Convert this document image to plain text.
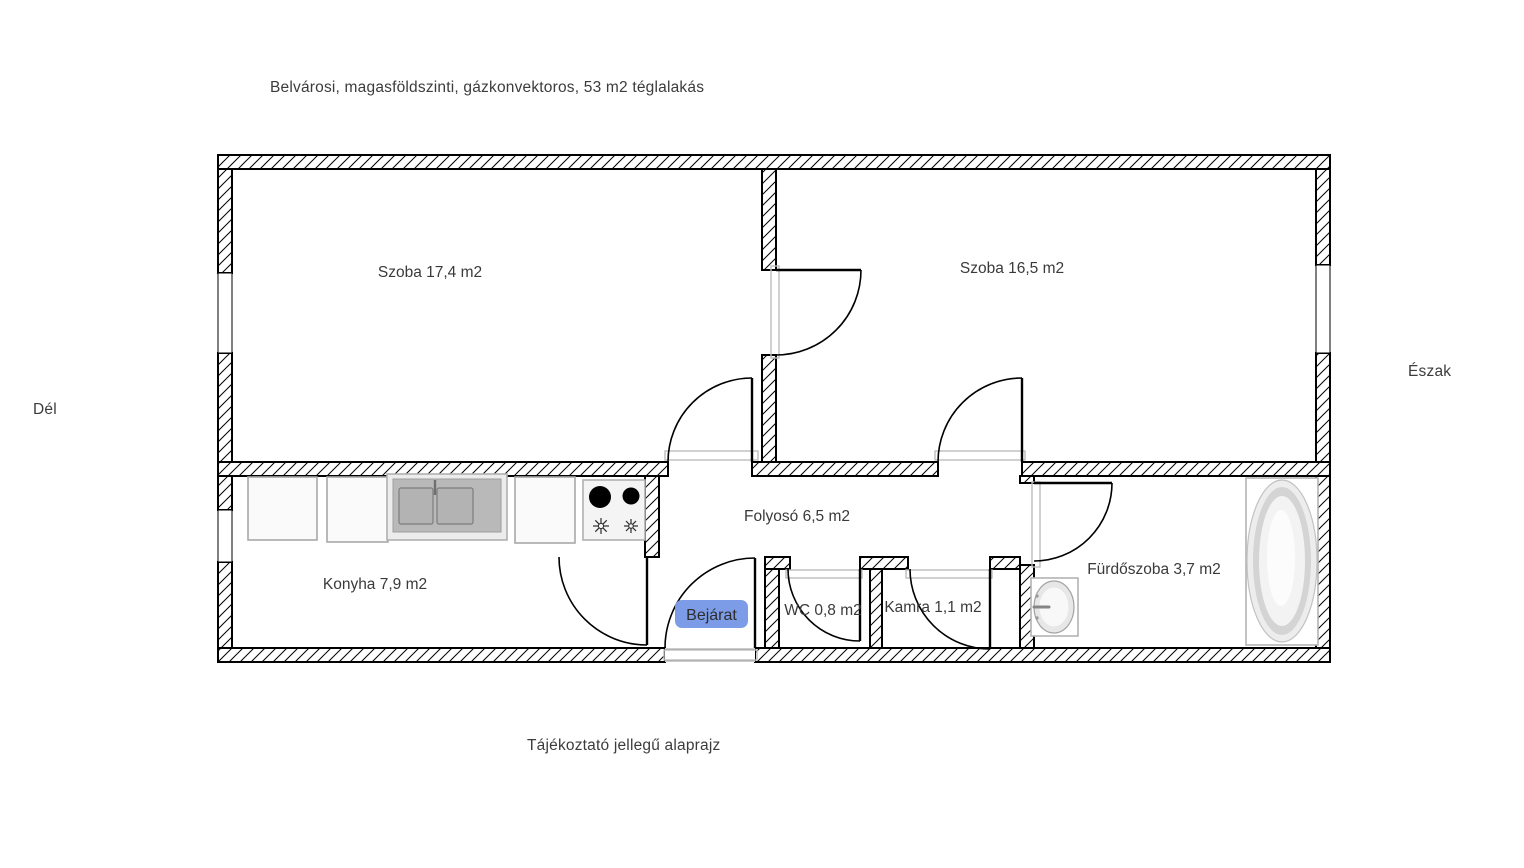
Belvárosi, magasföldszinti, gázkonvektoros, 53 m2 téglalakás
Dél
Észak
Tájékoztató jellegű alaprajz
Szoba 17,4 m2	Szoba 16,5 m2
Folyosó 6,5 m2
Konyha 7,9 m2
WC 0,8 m2 Kamra 1,1 m2
Fürdőszoba 3,7 m2
Bejárat
